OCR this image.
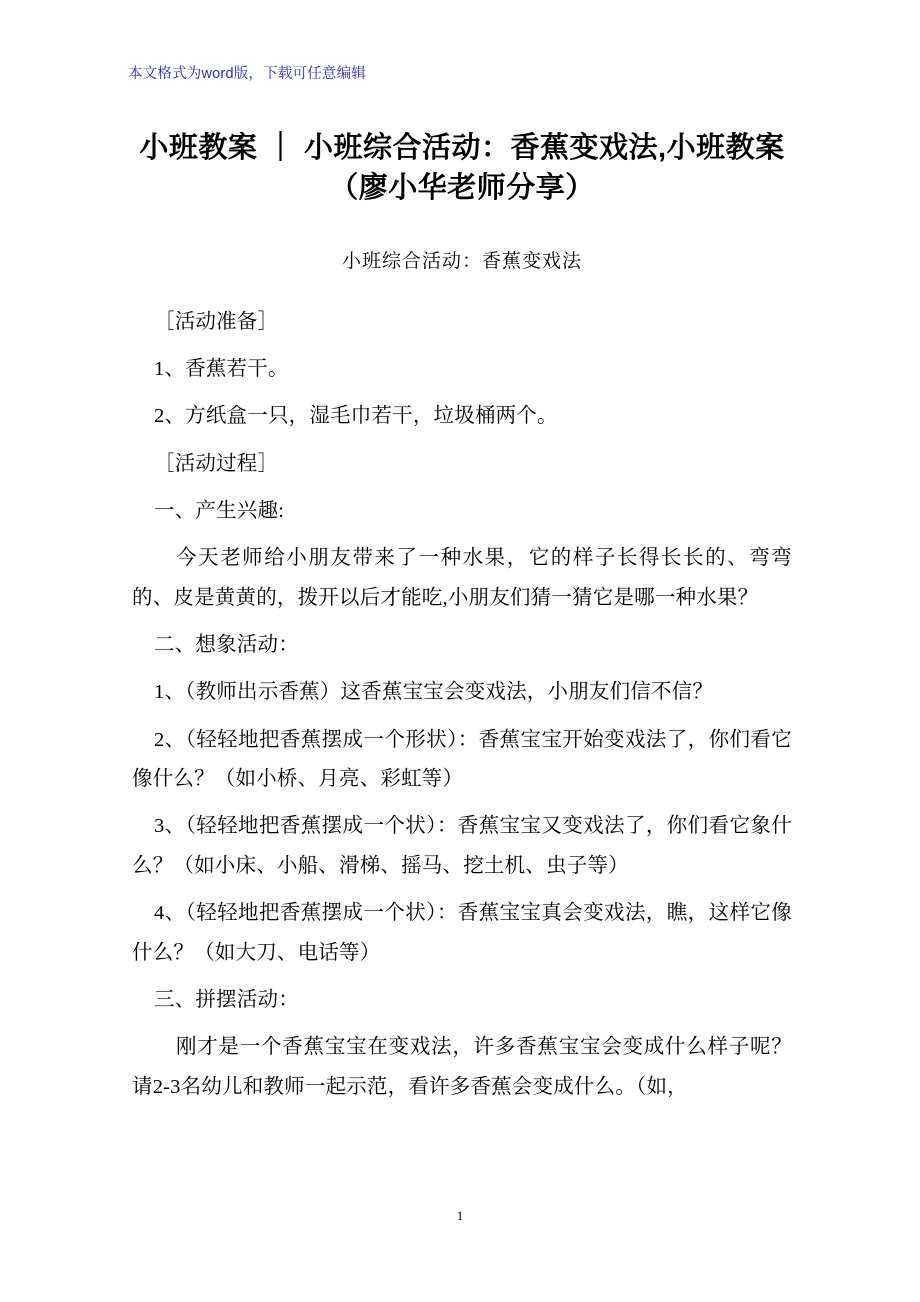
本文格式为word版，下载可任意编辑
小班教案 ｜ 小班综合活动：香蕉变戏法,小班教案（廖小华老师分享）
小班综合活动：香蕉变戏法

［活动准备］

1、香蕉若干。

2、方纸盒一只，湿毛巾若干，垃圾桶两个。

［活动过程］

一、产生兴趣:

今天老师给小朋友带来了一种水果，它的样子长得长长的、弯弯的、皮是黄黄的，拨开以后才能吃,小朋友们猜一猜它是哪一种水果？

二、想象活动：

1、（教师出示香蕉）这香蕉宝宝会变戏法，小朋友们信不信？

2、（轻轻地把香蕉摆成一个形状）：香蕉宝宝开始变戏法了，你们看它像什么？（如小桥、月亮、彩虹等）

3、（轻轻地把香蕉摆成一个状）：香蕉宝宝又变戏法了，你们看它象什么？（如小床、小船、滑梯、摇马、挖土机、虫子等）

4、（轻轻地把香蕉摆成一个状）：香蕉宝宝真会变戏法，瞧，这样它像什么？（如大刀、电话等）

三、拼摆活动：

刚才是一个香蕉宝宝在变戏法，许多香蕉宝宝会变成什么样子呢？请2-3名幼儿和教师一起示范，看许多香蕉会变成什么。（如，

1
